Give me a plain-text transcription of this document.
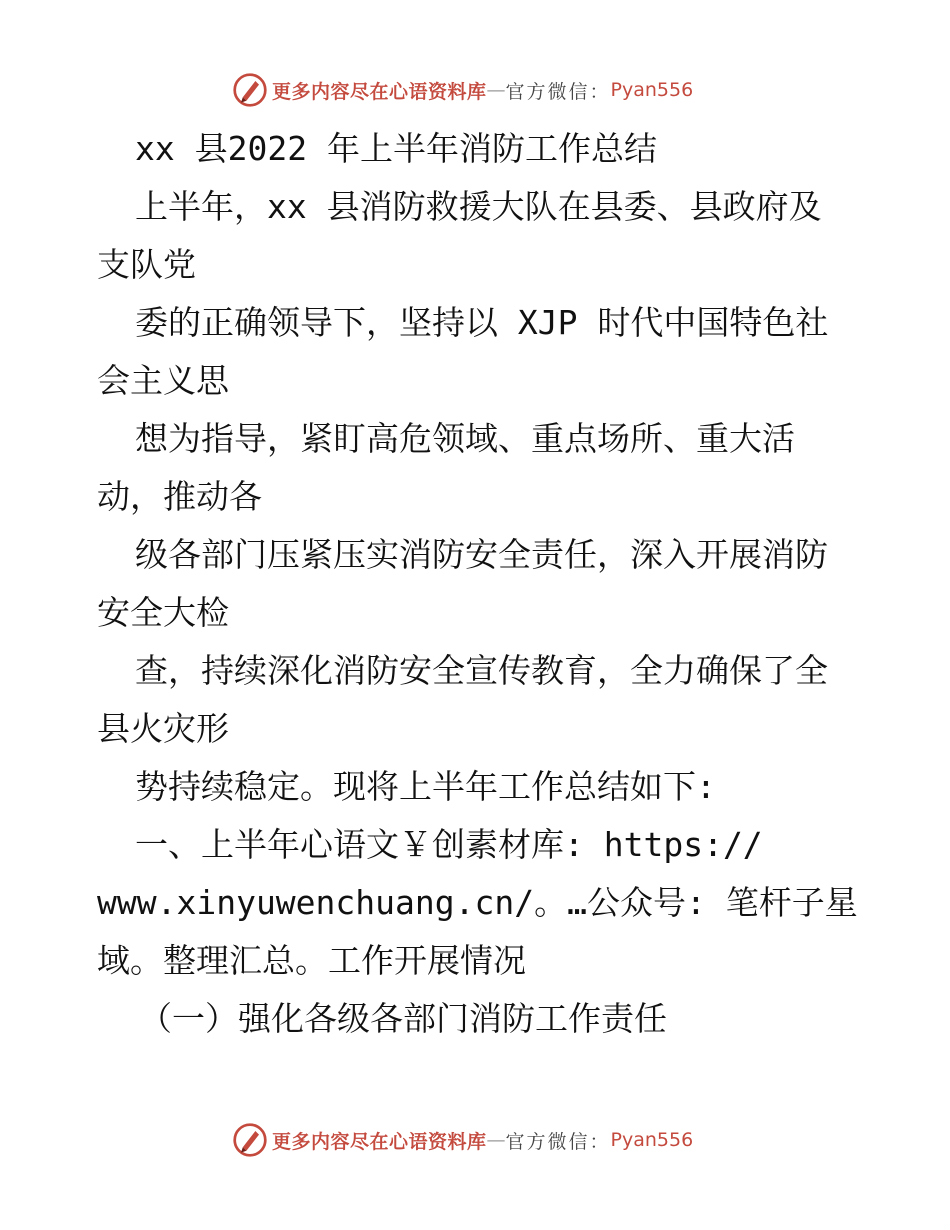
更多内容尽在心语资料库 — 官方微信： Pyan556
xx 县2022 年上半年消防工作总结
上半年，xx 县消防救援大队在县委、县政府及
支队党
委的正确领导下，坚持以 XJP 时代中国特色社
会主义思
想为指导，紧盯高危领域、重点场所、重大活
动，推动各
级各部门压紧压实消防安全责任，深入开展消防
安全大检
查，持续深化消防安全宣传教育，全力确保了全
县火灾形
势持续稳定。现将上半年工作总结如下:
一、上半年心语文￥创素材库: https://
www.xinyuwenchuang.cn/。…公众号: 笔杆子星
域。整理汇总。工作开展情况
（一）强化各级各部门消防工作责任
更多内容尽在心语资料库 — 官方微信： Pyan556
